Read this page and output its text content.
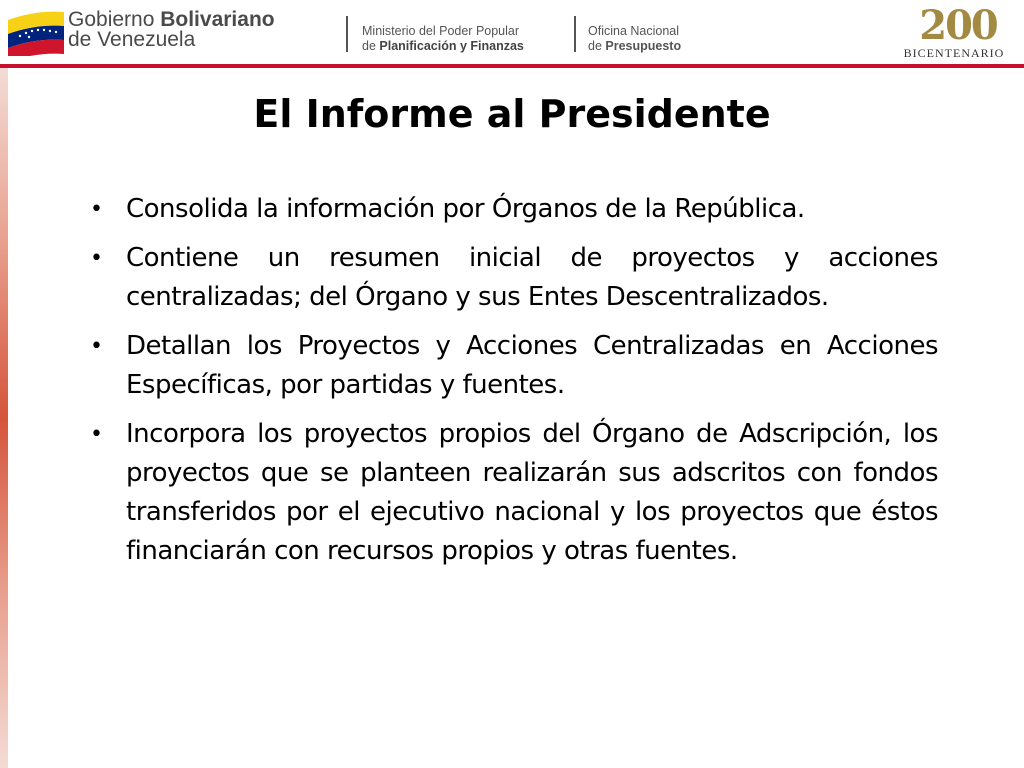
Gobierno Bolivariano
de Venezuela	Ministerio del Poder Popular
de Planificación y Finanzas
Oficina Nacional
de Presupuesto	200
BICENTENARIO
El Informe al Presidente
• Consolida la información por Órganos de la República.
• Contiene un resumen inicial de proyectos y acciones centralizadas; del Órgano y sus Entes Descentralizados.
• Detallan los Proyectos y Acciones Centralizadas en Acciones Específicas, por partidas y fuentes.
• Incorpora los proyectos propios del Órgano de Adscripción, los proyectos que se planteen realizarán sus adscritos con fondos transferidos por el ejecutivo nacional y los proyectos que éstos financiarán con recursos propios y otras fuentes.
